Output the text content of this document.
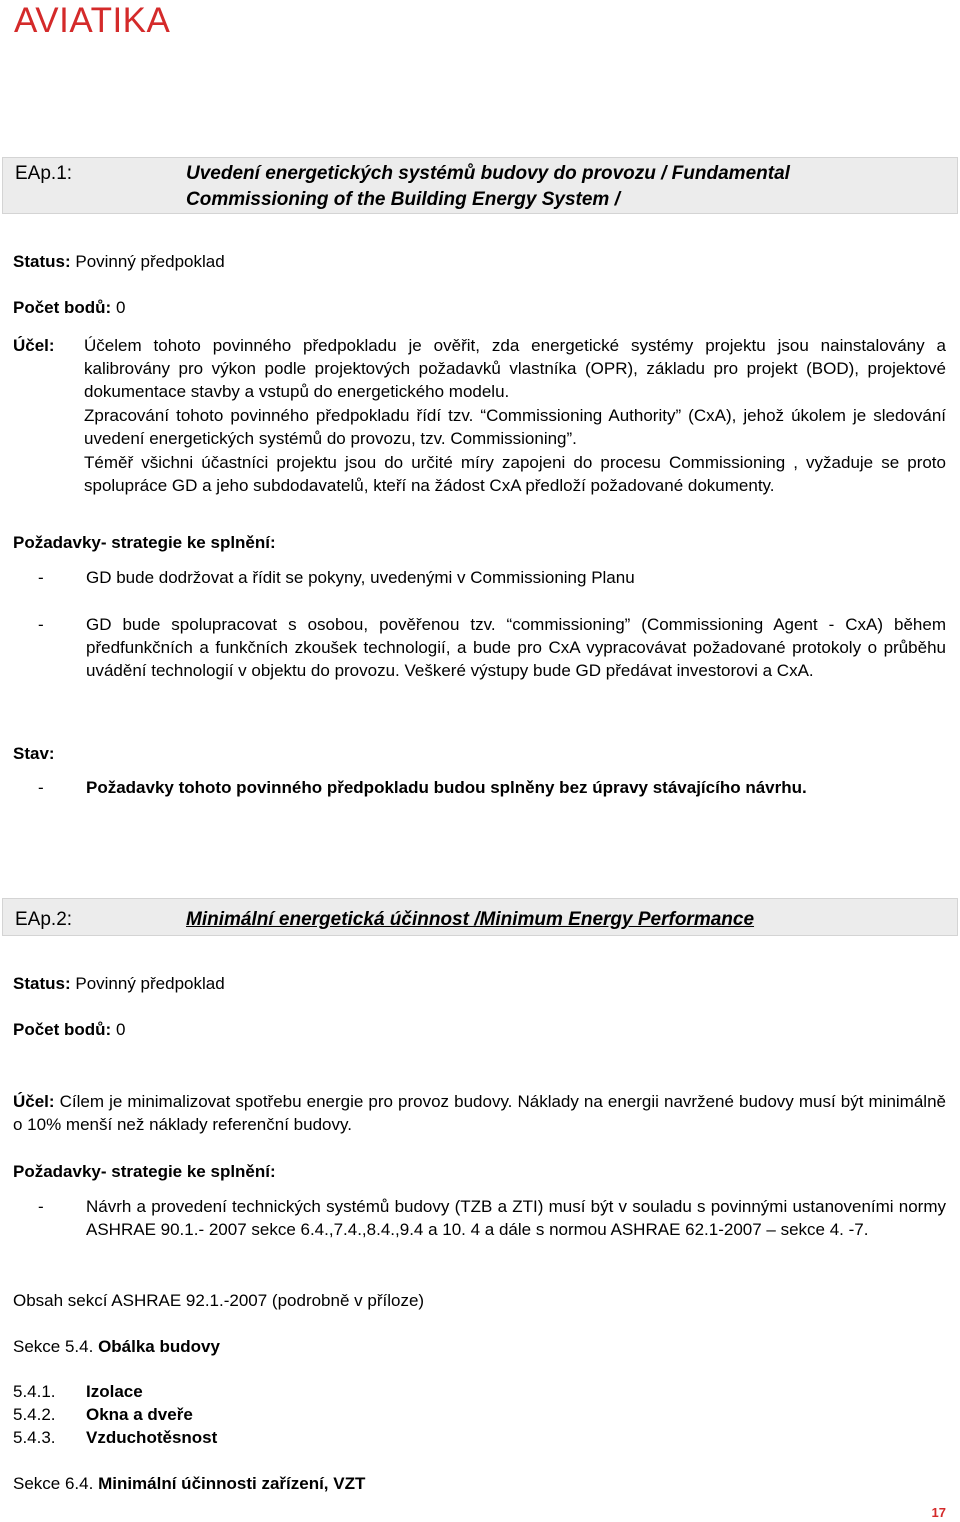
AVIATIKA
EAp.1:	Uvedení energetických systémů budovy do provozu / Fundamental Commissioning of the Building Energy System /
Status: Povinný předpoklad
Počet bodů: 0
Účel:	Účelem tohoto povinného předpokladu je ověřit, zda energetické systémy projektu jsou nainstalovány a kalibrovány pro výkon podle projektových požadavků vlastníka (OPR), základu pro projekt (BOD), projektové dokumentace stavby a vstupů do energetického modelu.
Zpracování tohoto povinného předpokladu řídí tzv. “Commissioning Authority” (CxA), jehož úkolem je sledování uvedení energetických systémů do provozu, tzv. Commissioning”.
Téměř všichni účastníci projektu jsou do určité míry zapojeni do procesu Commissioning , vyžaduje se proto spolupráce GD a jeho subdodavatelů, kteří na žádost CxA předloží požadované dokumenty.
Požadavky- strategie ke splnění:
- GD bude dodržovat a řídit se pokyny, uvedenými v Commissioning Planu
- GD bude spolupracovat s osobou, pověřenou tzv. “commissioning” (Commissioning Agent - CxA) během předfunkčních a funkčních zkoušek technologií, a bude pro CxA vypracovávat požadované protokoly o průběhu uvádění technologií v objektu do provozu. Veškeré výstupy bude GD předávat investorovi a CxA.
Stav:
- Požadavky tohoto povinného předpokladu budou splněny bez úpravy stávajícího návrhu.
EAp.2:	Minimální energetická účinnost /Minimum Energy Performance
Status: Povinný předpoklad
Počet bodů: 0
Účel: Cílem je minimalizovat spotřebu energie pro provoz budovy. Náklady na energii navržené budovy musí být minimálně o 10% menší než náklady referenční budovy.
Požadavky- strategie ke splnění:
- Návrh a provedení technických systémů budovy (TZB a ZTI) musí být v souladu s povinnými ustanoveními normy ASHRAE 90.1.- 2007 sekce 6.4.,7.4.,8.4.,9.4 a 10. 4 a dále s normou ASHRAE 62.1-2007 – sekce 4. -7.
Obsah sekcí ASHRAE 92.1.-2007 (podrobně v příloze)
Sekce 5.4. Obálka budovy
5.4.1.	Izolace
5.4.2.	Okna a dveře
5.4.3.	Vzduchotěsnost
Sekce 6.4. Minimální účinnosti zařízení, VZT
17
